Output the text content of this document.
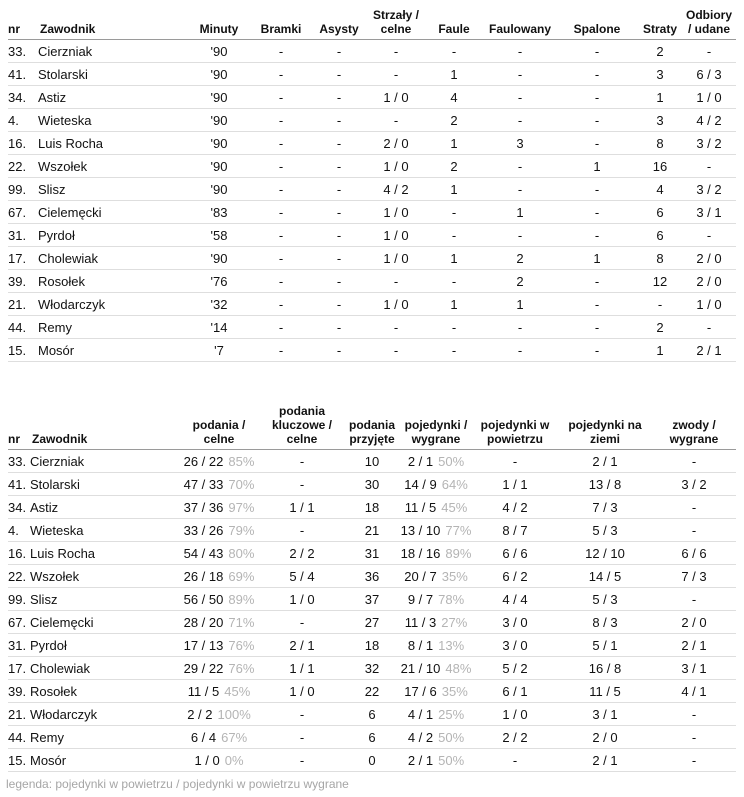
nr	Zawodnik	Minuty	Bramki	Asysty	Strzały / celne	Faule	Faulowany	Spalone	Straty	Odbiory / udane
33.	Cierzniak	'90	-	-	-	-	-	-	2	-
41.	Stolarski	'90	-	-	-	1	-	-	3	6 / 3
34.	Astiz	'90	-	-	1 / 0	4	-	-	1	1 / 0
4.	Wieteska	'90	-	-	-	2	-	-	3	4 / 2
16.	Luis Rocha	'90	-	-	2 / 0	1	3	-	8	3 / 2
22.	Wszołek	'90	-	-	1 / 0	2	-	1	16	-
99.	Slisz	'90	-	-	4 / 2	1	-	-	4	3 / 2
67.	Cielemęcki	'83	-	-	1 / 0	-	1	-	6	3 / 1
31.	Pyrdoł	'58	-	-	1 / 0	-	-	-	6	-
17.	Cholewiak	'90	-	-	1 / 0	1	2	1	8	2 / 0
39.	Rosołek	'76	-	-	-	-	2	-	12	2 / 0
21.	Włodarczyk	'32	-	-	1 / 0	1	1	-	-	1 / 0
44.	Remy	'14	-	-	-	-	-	-	2	-
15.	Mosór	'7	-	-	-	-	-	-	1	2 / 1
nr	Zawodnik	podania / celne	podania kluczowe / celne	podania przyjęte	pojedynki / wygrane	pojedynki w powietrzu	pojedynki na ziemi	zwody / wygrane
33.	Cierzniak	26 / 22 85%	-	10	2 / 1 50%	-	2 / 1	-
41.	Stolarski	47 / 33 70%	-	30	14 / 9 64%	1 / 1	13 / 8	3 / 2
34.	Astiz	37 / 36 97%	1 / 1	18	11 / 5 45%	4 / 2	7 / 3	-
4.	Wieteska	33 / 26 79%	-	21	13 / 10 77%	8 / 7	5 / 3	-
16.	Luis Rocha	54 / 43 80%	2 / 2	31	18 / 16 89%	6 / 6	12 / 10	6 / 6
22.	Wszołek	26 / 18 69%	5 / 4	36	20 / 7 35%	6 / 2	14 / 5	7 / 3
99.	Slisz	56 / 50 89%	1 / 0	37	9 / 7 78%	4 / 4	5 / 3	-
67.	Cielemęcki	28 / 20 71%	-	27	11 / 3 27%	3 / 0	8 / 3	2 / 0
31.	Pyrdoł	17 / 13 76%	2 / 1	18	8 / 1 13%	3 / 0	5 / 1	2 / 1
17.	Cholewiak	29 / 22 76%	1 / 1	32	21 / 10 48%	5 / 2	16 / 8	3 / 1
39.	Rosołek	11 / 5 45%	1 / 0	22	17 / 6 35%	6 / 1	11 / 5	4 / 1
21.	Włodarczyk	2 / 2 100%	-	6	4 / 1 25%	1 / 0	3 / 1	-
44.	Remy	6 / 4 67%	-	6	4 / 2 50%	2 / 2	2 / 0	-
15.	Mosór	1 / 0 0%	-	0	2 / 1 50%	-	2 / 1	-
legenda: pojedynki w powietrzu / pojedynki w powietrzu wygrane
